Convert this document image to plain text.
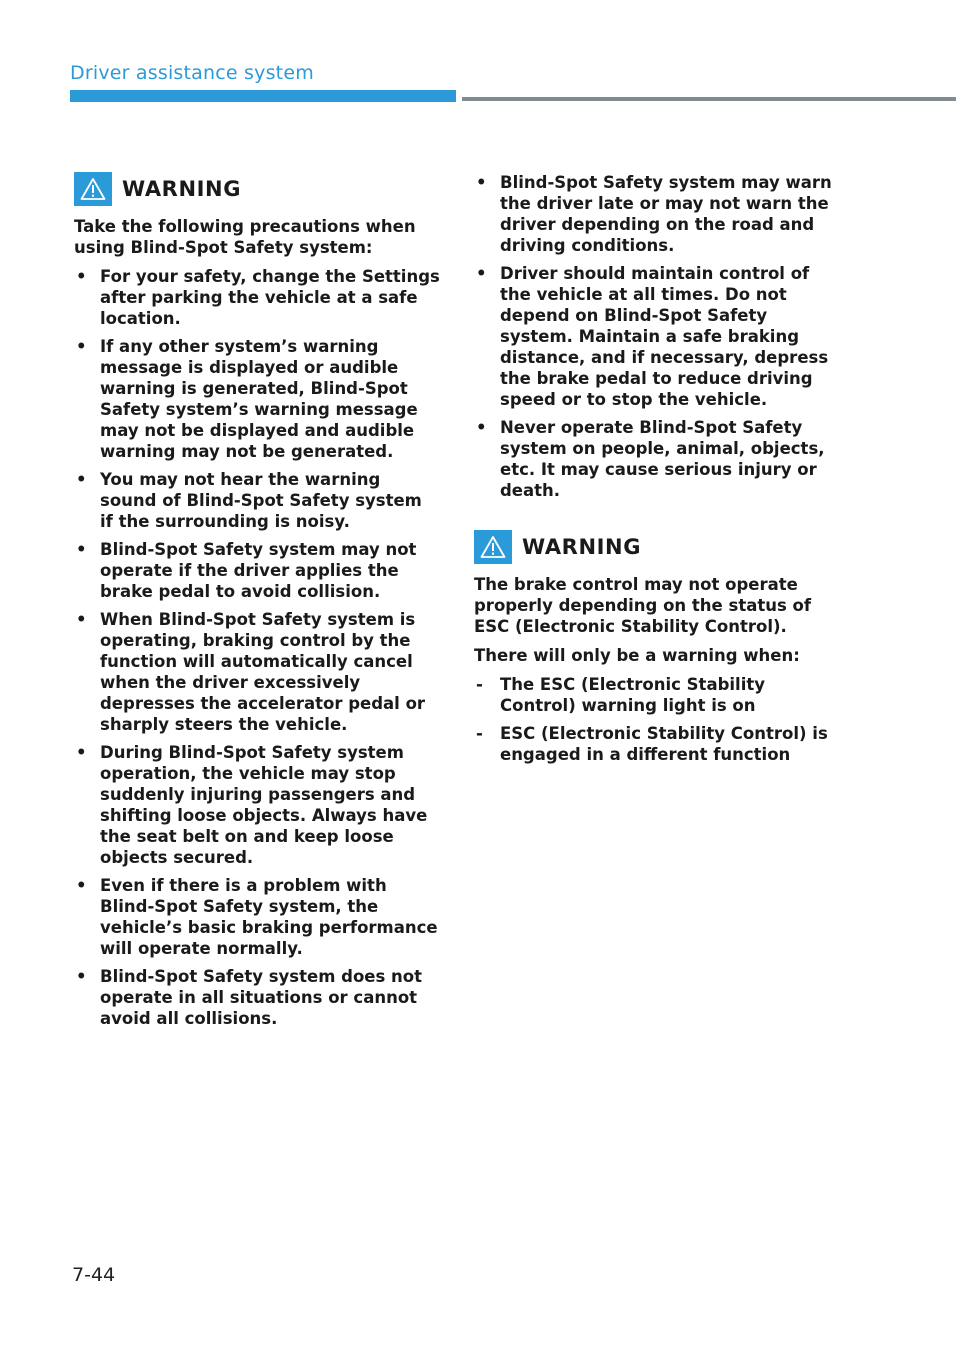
Driver assistance system
WARNING

Take the following precautions when using Blind-Spot Safety system:

• For your safety, change the Settings after parking the vehicle at a safe location.
• If any other system’s warning message is displayed or audible warning is generated, Blind-Spot Safety system’s warning message may not be displayed and audible warning may not be generated.
• You may not hear the warning sound of Blind-Spot Safety system if the surrounding is noisy.
• Blind-Spot Safety system may not operate if the driver applies the brake pedal to avoid collision.
• When Blind-Spot Safety system is operating, braking control by the function will automatically cancel when the driver excessively depresses the accelerator pedal or sharply steers the vehicle.
• During Blind-Spot Safety system operation, the vehicle may stop suddenly injuring passengers and shifting loose objects. Always have the seat belt on and keep loose objects secured.
• Even if there is a problem with Blind-Spot Safety system, the vehicle’s basic braking performance will operate normally.
• Blind-Spot Safety system does not operate in all situations or cannot avoid all collisions.
• Blind-Spot Safety system may warn the driver late or may not warn the driver depending on the road and driving conditions.
• Driver should maintain control of the vehicle at all times. Do not depend on Blind-Spot Safety system. Maintain a safe braking distance, and if necessary, depress the brake pedal to reduce driving speed or to stop the vehicle.
• Never operate Blind-Spot Safety system on people, animal, objects, etc. It may cause serious injury or death.
WARNING

The brake control may not operate properly depending on the status of ESC (Electronic Stability Control).

There will only be a warning when:

-	The ESC (Electronic Stability Control) warning light is on
-	ESC (Electronic Stability Control) is engaged in a different function
7-44
